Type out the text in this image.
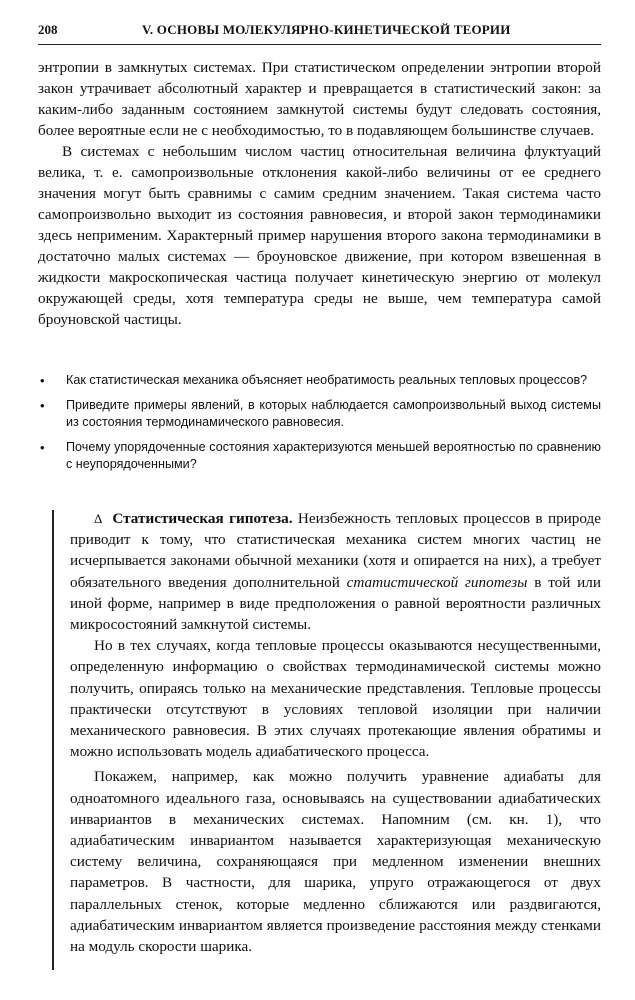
208	V. ОСНОВЫ МОЛЕКУЛЯРНО-КИНЕТИЧЕСКОЙ ТЕОРИИ

энтропии в замкнутых системах. При статистическом определении энтропии второй закон утрачивает абсолютный характер и превращается в статистический закон: за каким-либо заданным состоянием замкнутой системы будут следовать состояния, более вероятные если не с необходимостью, то в подавляющем большинстве случаев.

В системах с небольшим числом частиц относительная величина флуктуаций велика, т. е. самопроизвольные отклонения какой-либо величины от ее среднего значения могут быть сравнимы с самим средним значением. Такая система часто самопроизвольно выходит из состояния равновесия, и второй закон термодинамики здесь неприменим. Характерный пример нарушения второго закона термодинамики в достаточно малых системах — броуновское движение, при котором взвешенная в жидкости макроскопическая частица получает кинетическую энергию от молекул окружающей среды, хотя температура среды не выше, чем температура самой броуновской частицы.

• Как статистическая механика объясняет необратимость реальных тепловых процессов?
• Приведите примеры явлений, в которых наблюдается самопроизвольный выход системы из состояния термодинамического равновесия.
• Почему упорядоченные состояния характеризуются меньшей вероятностью по сравнению с неупорядоченными?

Δ Статистическая гипотеза. Неизбежность тепловых процессов в природе приводит к тому, что статистическая механика систем многих частиц не исчерпывается законами обычной механики (хотя и опирается на них), а требует обязательного введения дополнительной статистической гипотезы в той или иной форме, например в виде предположения о равной вероятности различных микросостояний замкнутой системы.

Но в тех случаях, когда тепловые процессы оказываются несущественными, определенную информацию о свойствах термодинамической системы можно получить, опираясь только на механические представления. Тепловые процессы практически отсутствуют в условиях тепловой изоляции при наличии механического равновесия. В этих случаях протекающие явления обратимы и можно использовать модель адиабатического процесса.

Покажем, например, как можно получить уравнение адиабаты для одноатомного идеального газа, основываясь на существовании адиабатических инвариантов в механических системах. Напомним (см. кн. 1), что адиабатическим инвариантом называется характеризующая механическую систему величина, сохраняющаяся при медленном изменении внешних параметров. В частности, для шарика, упруго отражающегося от двух параллельных стенок, которые медленно сближаются или раздвигаются, адиабатическим инвариантом является произведение расстояния между стенками на модуль скорости шарика.
